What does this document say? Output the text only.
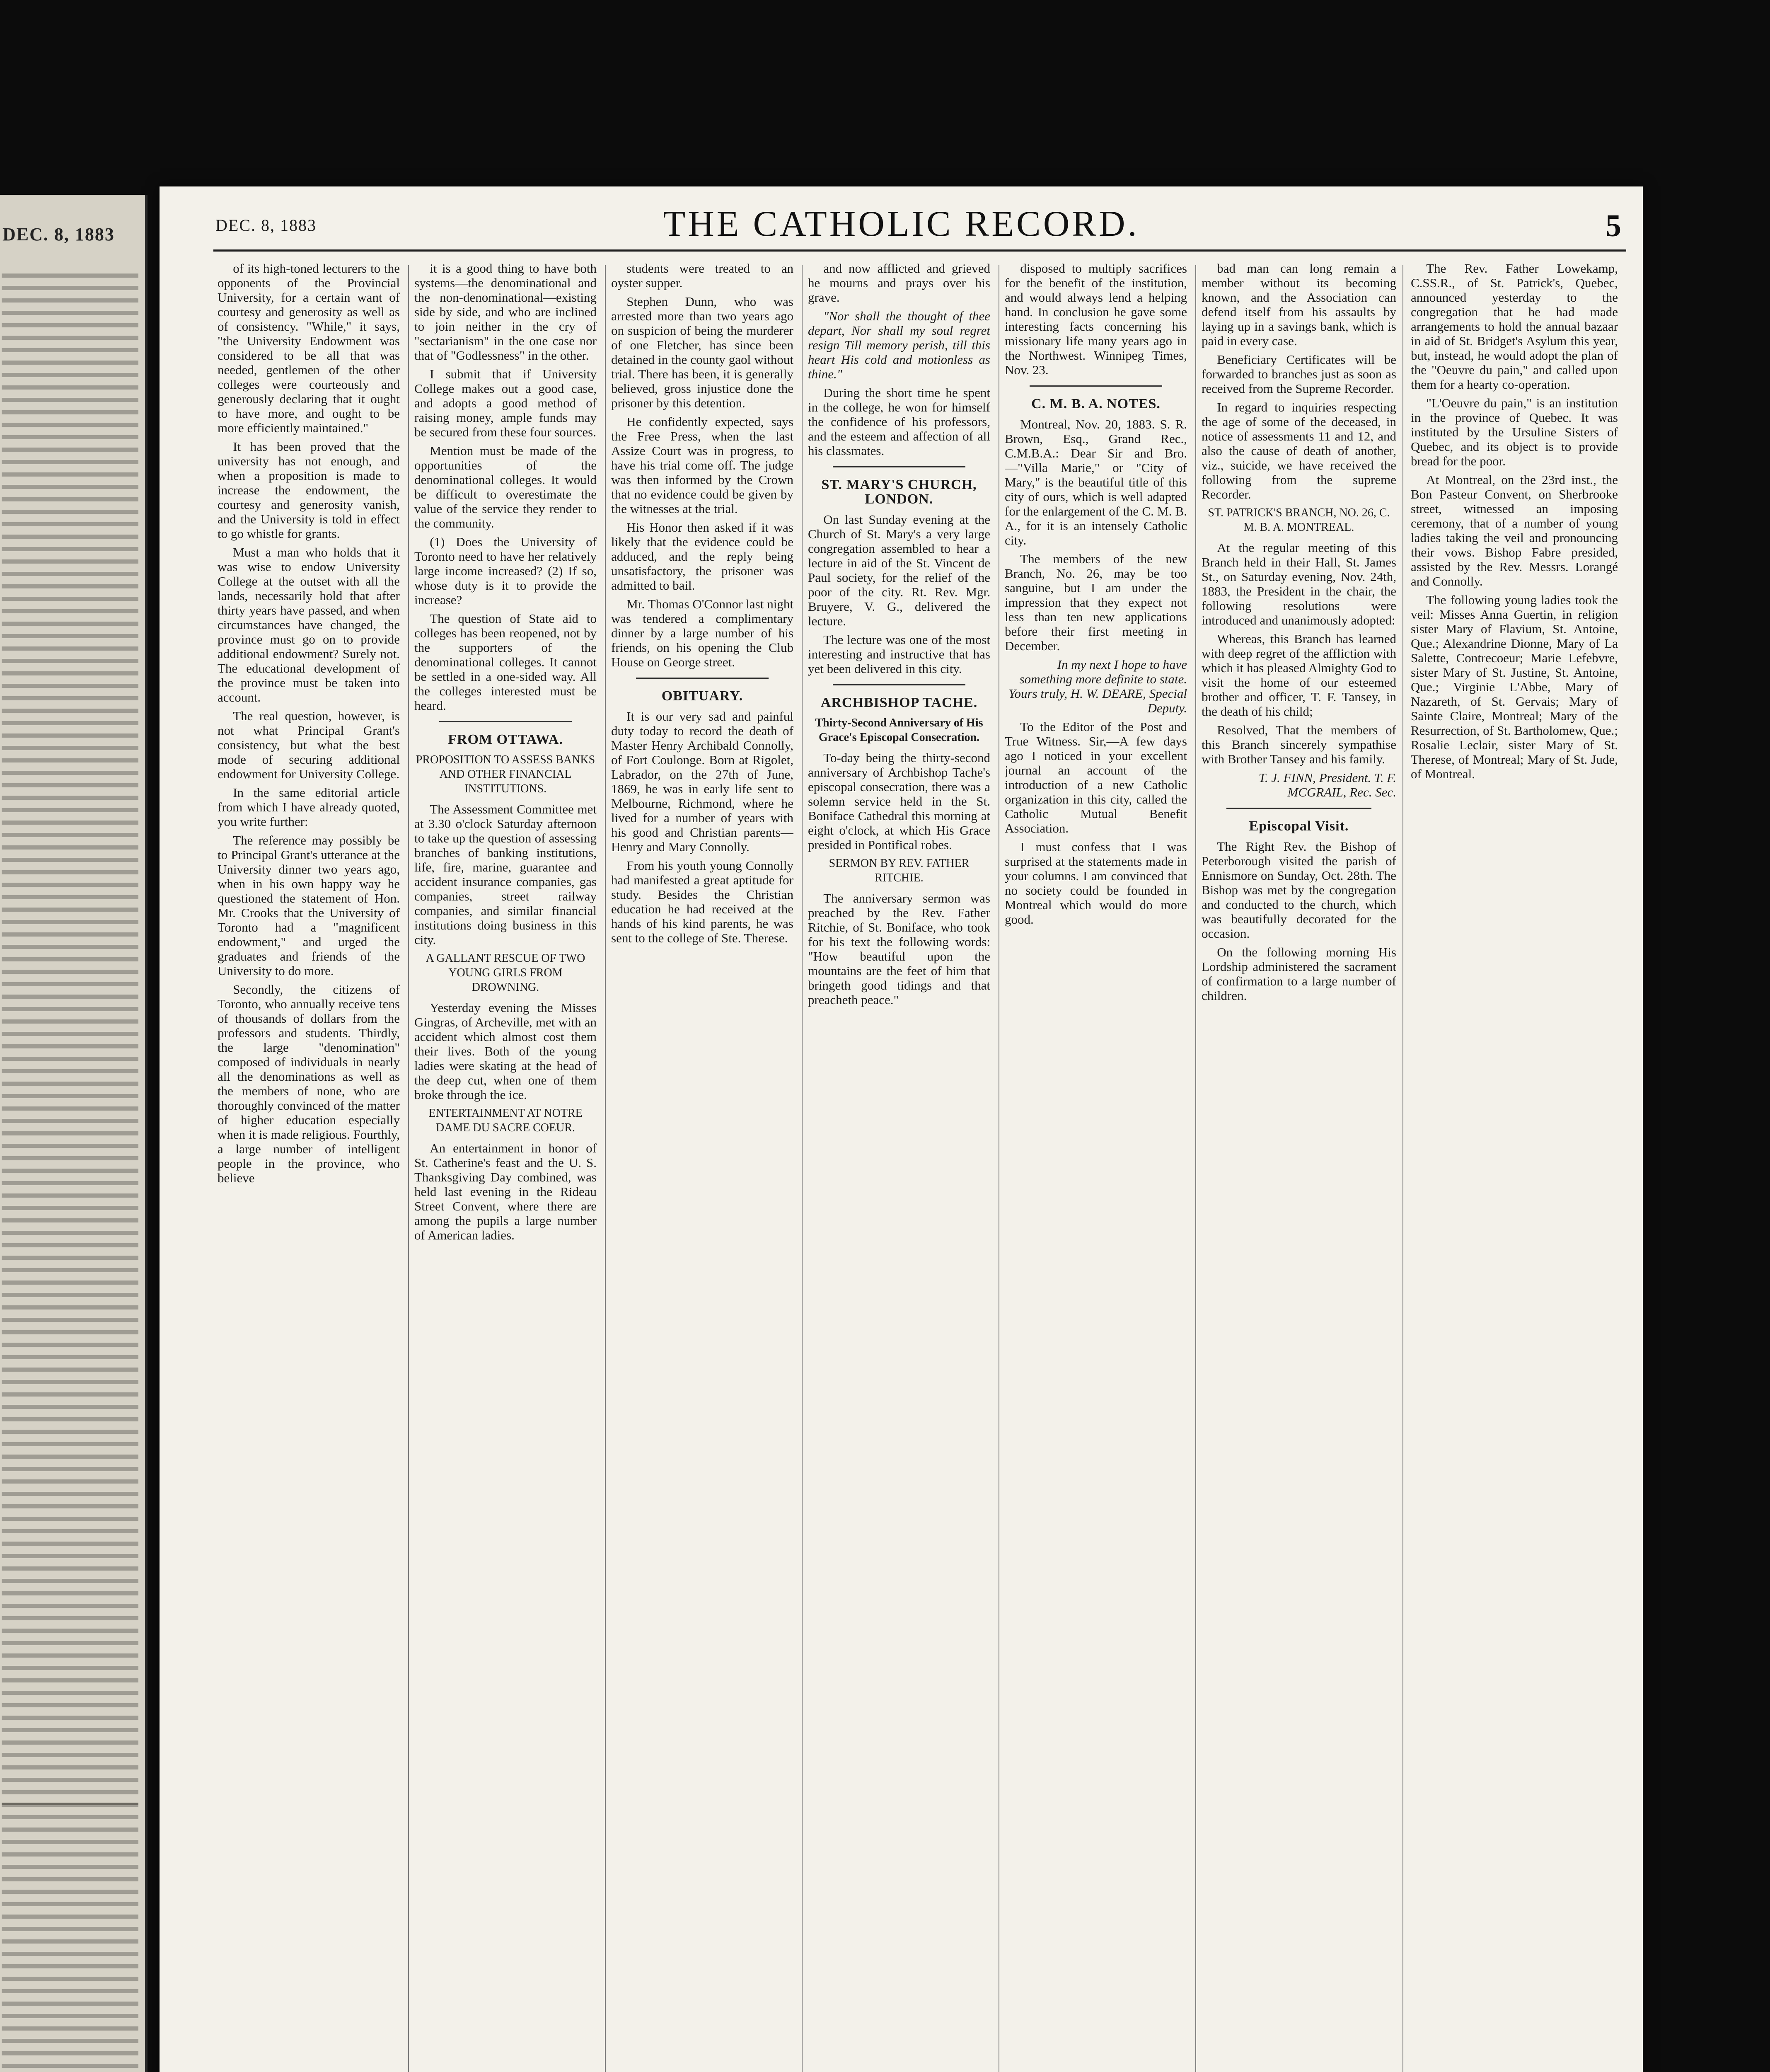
DEC. 8, 1883	DEC. 8, 1883	THE CATHOLIC RECORD.	5

of its high-toned lecturers to the opponents of the Provincial University, for a certain want of courtesy and generosity as well as of consistency. "While," it says, "the University Endowment was considered to be all that was needed, gentlemen of the other colleges were courteously and generously declaring that it ought to have more, and ought to be more efficiently maintained."

It has been proved that the university has not enough, and when a proposition is made to increase the endowment, the courtesy and generosity vanish, and the University is told in effect to go whistle for grants.

Must a man who holds that it was wise to endow University College at the outset with all the lands, necessarily hold that after thirty years have passed, and when circumstances have changed, the province must go on to provide additional endowment? Surely not. The educational development of the province must be taken into account.

The real question, however, is not what Principal Grant's consistency, but what the best mode of securing additional endowment for University College.

In the same editorial article from which I have already quoted, you write further:

The reference may possibly be to Principal Grant's utterance at the University dinner two years ago, when in his own happy way he questioned the statement of Hon. Mr. Crooks that the University of Toronto had a "magnificent endowment," and urged the graduates and friends of the University to do more.

Secondly, the citizens of Toronto, who annually receive tens of thousands of dollars from the professors and students. Thirdly, the large "denomination" composed of individuals in nearly all the denominations as well as the members of none, who are thoroughly convinced of the matter of higher education especially when it is made religious. Fourthly, a large number of intelligent people in the province, who believe

it is a good thing to have both systems—the denominational and the non-denominational—existing side by side, and who are inclined to join neither in the cry of "sectarianism" in the one case nor that of "Godlessness" in the other.

I submit that if University College makes out a good case, and adopts a good method of raising money, ample funds may be secured from these four sources.

Mention must be made of the opportunities of the denominational colleges. It would be difficult to overestimate the value of the service they render to the community.

(1) Does the University of Toronto need to have her relatively large income increased? (2) If so, whose duty is it to provide the increase?

The question of State aid to colleges has been reopened, not by the supporters of the denominational colleges. It cannot be settled in a one-sided way. All the colleges interested must be heard.

FROM OTTAWA.
PROPOSITION TO ASSESS BANKS AND OTHER FINANCIAL INSTITUTIONS.

The Assessment Committee met at 3.30 o'clock Saturday afternoon to take up the question of assessing branches of banking institutions, life, fire, marine, guarantee and accident insurance companies, gas companies, street railway companies, and similar financial institutions doing business in this city.

A GALLANT RESCUE OF TWO YOUNG GIRLS FROM DROWNING.

Yesterday evening the Misses Gingras, of Archeville, met with an accident which almost cost them their lives. Both of the young ladies were skating at the head of the deep cut, when one of them broke through the ice.

ENTERTAINMENT AT NOTRE DAME DU SACRE COEUR.

An entertainment in honor of St. Catherine's feast and the U. S. Thanksgiving Day combined, was held last evening in the Rideau Street Convent, where there are among the pupils a large number of American ladies.

students were treated to an oyster supper.

Stephen Dunn, who was arrested more than two years ago on suspicion of being the murderer of one Fletcher, has since been detained in the county gaol without trial. There has been, it is generally believed, gross injustice done the prisoner by this detention.

He confidently expected, says the Free Press, when the last Assize Court was in progress, to have his trial come off. The judge was then informed by the Crown that no evidence could be given by the witnesses at the trial.

His Honor then asked if it was likely that the evidence could be adduced, and the reply being unsatisfactory, the prisoner was admitted to bail.

Mr. Thomas O'Connor last night was tendered a complimentary dinner by a large number of his friends, on his opening the Club House on George street.

OBITUARY.

It is our very sad and painful duty today to record the death of Master Henry Archibald Connolly, of Fort Coulonge. Born at Rigolet, Labrador, on the 27th of June, 1869, he was in early life sent to Melbourne, Richmond, where he lived for a number of years with his good and Christian parents—Henry and Mary Connolly.

From his youth young Connolly had manifested a great aptitude for study. Besides the Christian education he had received at the hands of his kind parents, he was sent to the college of Ste. Therese.

and now afflicted and grieved he mourns and prays over his grave.

"Nor shall the thought of thee depart, Nor shall my soul regret resign Till memory perish, till this heart His cold and motionless as thine."

During the short time he spent in the college, he won for himself the confidence of his professors, and the esteem and affection of all his classmates.

ST. MARY'S CHURCH, LONDON.

On last Sunday evening at the Church of St. Mary's a very large congregation assembled to hear a lecture in aid of the St. Vincent de Paul society, for the relief of the poor of the city. Rt. Rev. Mgr. Bruyere, V. G., delivered the lecture.

The lecture was one of the most interesting and instructive that has yet been delivered in this city.

ARCHBISHOP TACHE.
Thirty-Second Anniversary of His Grace's Episcopal Consecration.

To-day being the thirty-second anniversary of Archbishop Tache's episcopal consecration, there was a solemn service held in the St. Boniface Cathedral this morning at eight o'clock, at which His Grace presided in Pontifical robes.

SERMON BY REV. FATHER RITCHIE.

The anniversary sermon was preached by the Rev. Father Ritchie, of St. Boniface, who took for his text the following words: "How beautiful upon the mountains are the feet of him that bringeth good tidings and that preacheth peace."

disposed to multiply sacrifices for the benefit of the institution, and would always lend a helping hand. In conclusion he gave some interesting facts concerning his missionary life many years ago in the Northwest. Winnipeg Times, Nov. 23.

C. M. B. A. NOTES.

Montreal, Nov. 20, 1883. S. R. Brown, Esq., Grand Rec., C.M.B.A.: Dear Sir and Bro.—"Villa Marie," or "City of Mary," is the beautiful title of this city of ours, which is well adapted for the enlargement of the C. M. B. A., for it is an intensely Catholic city.

The members of the new Branch, No. 26, may be too sanguine, but I am under the impression that they expect not less than ten new applications before their first meeting in December.

In my next I hope to have something more definite to state. Yours truly, H. W. DEARE, Special Deputy.

To the Editor of the Post and True Witness. Sir,—A few days ago I noticed in your excellent journal an account of the introduction of a new Catholic organization in this city, called the Catholic Mutual Benefit Association.

I must confess that I was surprised at the statements made in your columns. I am convinced that no society could be founded in Montreal which would do more good.

bad man can long remain a member without its becoming known, and the Association can defend itself from his assaults by laying up in a savings bank, which is paid in every case.

Beneficiary Certificates will be forwarded to branches just as soon as received from the Supreme Recorder.

In regard to inquiries respecting the age of some of the deceased, in notice of assessments 11 and 12, and also the cause of death of another, viz., suicide, we have received the following from the supreme Recorder.

ST. PATRICK'S BRANCH, NO. 26, C. M. B. A. MONTREAL.

At the regular meeting of this Branch held in their Hall, St. James St., on Saturday evening, Nov. 24th, 1883, the President in the chair, the following resolutions were introduced and unanimously adopted:

Whereas, this Branch has learned with deep regret of the affliction with which it has pleased Almighty God to visit the home of our esteemed brother and officer, T. F. Tansey, in the death of his child;

Resolved, That the members of this Branch sincerely sympathise with Brother Tansey and his family.

T. J. FINN, President. T. F. MCGRAIL, Rec. Sec.

Episcopal Visit.

The Right Rev. the Bishop of Peterborough visited the parish of Ennismore on Sunday, Oct. 28th. The Bishop was met by the congregation and conducted to the church, which was beautifully decorated for the occasion.

On the following morning His Lordship administered the sacrament of confirmation to a large number of children.

The Rev. Father Lowekamp, C.SS.R., of St. Patrick's, Quebec, announced yesterday to the congregation that he had made arrangements to hold the annual bazaar in aid of St. Bridget's Asylum this year, but, instead, he would adopt the plan of the "Oeuvre du pain," and called upon them for a hearty co-operation.

"L'Oeuvre du pain," is an institution in the province of Quebec. It was instituted by the Ursuline Sisters of Quebec, and its object is to provide bread for the poor.

At Montreal, on the 23rd inst., the Bon Pasteur Convent, on Sherbrooke street, witnessed an imposing ceremony, that of a number of young ladies taking the veil and pronouncing their vows. Bishop Fabre presided, assisted by the Rev. Messrs. Lorangé and Connolly.

The following young ladies took the veil: Misses Anna Guertin, in religion sister Mary of Flavium, St. Antoine, Que.; Alexandrine Dionne, Mary of La Salette, Contrecoeur; Marie Lefebvre, sister Mary of St. Justine, St. Antoine, Que.; Virginie L'Abbe, Mary of Nazareth, of St. Gervais; Mary of Sainte Claire, Montreal; Mary of the Resurrection, of St. Bartholomew, Que.; Rosalie Leclair, sister Mary of St. Therese, of Montreal; Mary of St. Jude, of Montreal.
